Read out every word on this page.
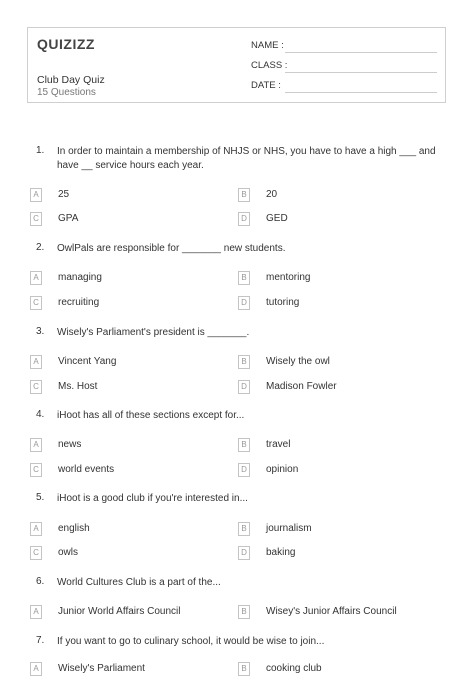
QUIZIZZ
Club Day Quiz
15 Questions
NAME :
CLASS :
DATE :
1. In order to maintain a membership of NHJS or NHS, you have to have a high ___ and have __ service hours each year.
A	25	B	20
C	GPA	D	GED
2. OwlPals are responsible for _______ new students.
A	managing	B	mentoring
C	recruiting	D	tutoring
3. Wisely's Parliament's president is _______.
A	Vincent Yang	B	Wisely the owl
C	Ms. Host	D	Madison Fowler
4. iHoot has all of these sections except for...
A	news	B	travel
C	world events	D	opinion
5. iHoot is a good club if you're interested in...
A	english	B	journalism
C	owls	D	baking
6. World Cultures Club is a part of the...
A	Junior World Affairs Council	B	Wisey's Junior Affairs Council
7. If you want to go to culinary school, it would be wise to join...
A	Wisely's Parliament	B	cooking club
